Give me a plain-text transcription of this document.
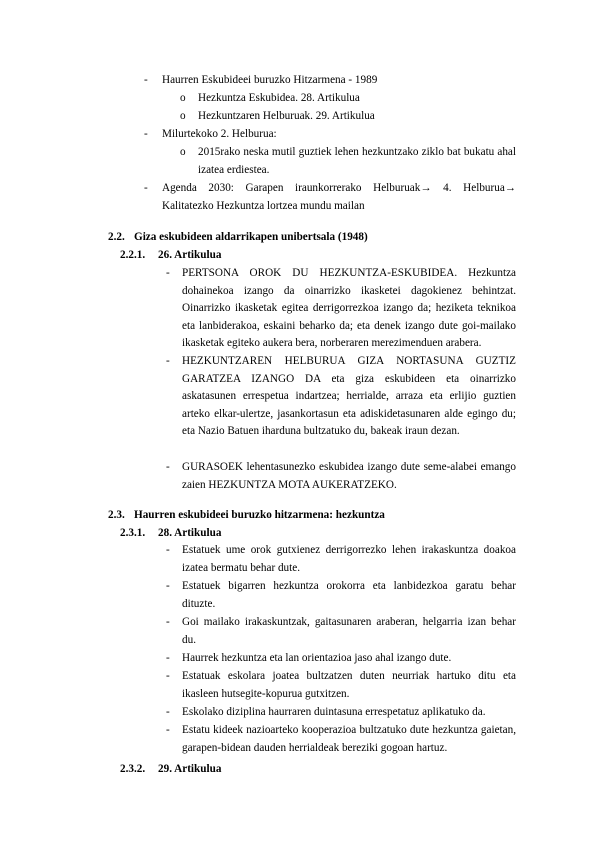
- Haurren Eskubideei buruzko Hitzarmena - 1989
o Hezkuntza Eskubidea. 28. Artikulua
o Hezkuntzaren Helburuak. 29. Artikulua
- Milurtekoko 2. Helburua:
o 2015rako neska mutil guztiek lehen hezkuntzako ziklo bat bukatu ahal izatea erdiestea.
- Agenda 2030: Garapen iraunkorrerako Helburuak→ 4. Helburua→ Kalitatezko Hezkuntza lortzea mundu mailan
2.2. Giza eskubideen aldarrikapen unibertsala (1948)
2.2.1. 26. Artikulua
- PERTSONA OROK DU HEZKUNTZA-ESKUBIDEA. Hezkuntza dohainekoa izango da oinarrizko ikasketei dagokienez behintzat. Oinarrizko ikasketak egitea derrigorrezkoa izango da; heziketa teknikoa eta lanbiderakoa, eskaini beharko da; eta denek izango dute goi-mailako ikasketak egiteko aukera bera, norberaren merezimenduen arabera.
- HEZKUNTZAREN HELBURUA GIZA NORTASUNA GUZTIZ GARATZEA IZANGO DA eta giza eskubideen eta oinarrizko askatasunen errespetua indartzea; herrialde, arraza eta erlijio guztien arteko elkar-ulertze, jasankortasun eta adiskidetasunaren alde egingo du; eta Nazio Batuen iharduna bultzatuko du, bakeak iraun dezan.
- GURASOEK lehentasunezko eskubidea izango dute seme-alabei emango zaien HEZKUNTZA MOTA AUKERATZEKO.
2.3. Haurren eskubideei buruzko hitzarmena: hezkuntza
2.3.1. 28. Artikulua
- Estatuek ume orok gutxienez derrigorrezko lehen irakaskuntza doakoa izatea bermatu behar dute.
- Estatuek bigarren hezkuntza orokorra eta lanbidezkoa garatu behar dituzte.
- Goi mailako irakaskuntzak, gaitasunaren araberan, helgarria izan behar du.
- Haurrek hezkuntza eta lan orientazioa jaso ahal izango dute.
- Estatuak eskolara joatea bultzatzen duten neurriak hartuko ditu eta ikasleen hutsegite-kopurua gutxitzen.
- Eskolako diziplina haurraren duintasuna errespetatuz aplikatuko da.
- Estatu kideek nazioarteko kooperazioa bultzatuko dute hezkuntza gaietan, garapen-bidean dauden herrialdeak bereziki gogoan hartuz.
2.3.2. 29. Artikulua
